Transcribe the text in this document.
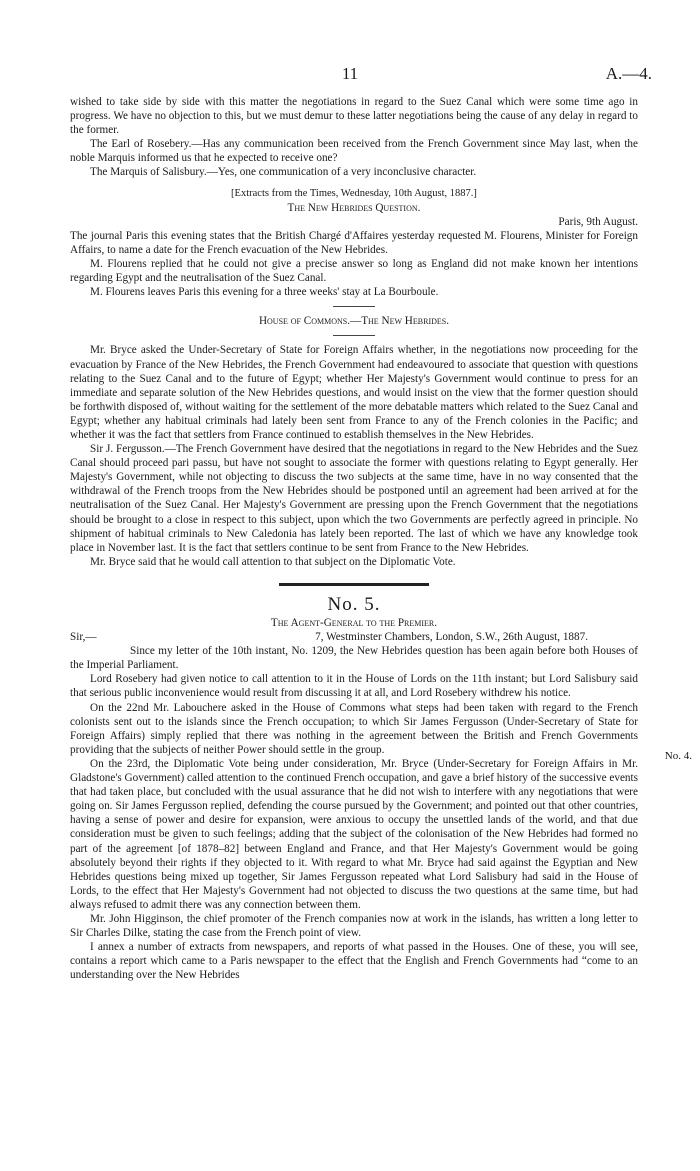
11	A.—4.

wished to take side by side with this matter the negotiations in regard to the Suez Canal which were some time ago in progress. We have no objection to this, but we must demur to these latter negotiations being the cause of any delay in regard to the former.

The Earl of Rosebery.—Has any communication been received from the French Government since May last, when the noble Marquis informed us that he expected to receive one?

The Marquis of Salisbury.—Yes, one communication of a very inconclusive character.

[Extracts from the Times, Wednesday, 10th August, 1887.]

The New Hebrides Question.

Paris, 9th August.

The journal Paris this evening states that the British Chargé d'Affaires yesterday requested M. Flourens, Minister for Foreign Affairs, to name a date for the French evacuation of the New Hebrides.

M. Flourens replied that he could not give a precise answer so long as England did not make known her intentions regarding Egypt and the neutralisation of the Suez Canal.

M. Flourens leaves Paris this evening for a three weeks' stay at La Bourboule.

House of Commons.—The New Hebrides.

Mr. Bryce asked the Under-Secretary of State for Foreign Affairs whether, in the negotiations now proceeding for the evacuation by France of the New Hebrides, the French Government had endeavoured to associate that question with questions relating to the Suez Canal and to the future of Egypt; whether Her Majesty's Government would continue to press for an immediate and separate solution of the New Hebrides questions, and would insist on the view that the former question should be forthwith disposed of, without waiting for the settlement of the more debatable matters which related to the Suez Canal and Egypt; whether any habitual criminals had lately been sent from France to any of the French colonies in the Pacific; and whether it was the fact that settlers from France continued to establish themselves in the New Hebrides.

Sir J. Fergusson.—The French Government have desired that the negotiations in regard to the New Hebrides and the Suez Canal should proceed pari passu, but have not sought to associate the former with questions relating to Egypt generally. Her Majesty's Government, while not objecting to discuss the two subjects at the same time, have in no way consented that the withdrawal of the French troops from the New Hebrides should be postponed until an agreement had been arrived at for the neutralisation of the Suez Canal. Her Majesty's Government are pressing upon the French Government that the negotiations should be brought to a close in respect to this subject, upon which the two Governments are perfectly agreed in principle. No shipment of habitual criminals to New Caledonia has lately been reported. The last of which we have any knowledge took place in November last. It is the fact that settlers continue to be sent from France to the New Hebrides.

Mr. Bryce said that he would call attention to that subject on the Diplomatic Vote.

No. 5.

The Agent-General to the Premier.

Sir,—	7, Westminster Chambers, London, S.W., 26th August, 1887.

Since my letter of the 10th instant, No. 1209, the New Hebrides question has been again before both Houses of the Imperial Parliament.

Lord Rosebery had given notice to call attention to it in the House of Lords on the 11th instant; but Lord Salisbury said that serious public inconvenience would result from discussing it at all, and Lord Rosebery withdrew his notice.

On the 22nd Mr. Labouchere asked in the House of Commons what steps had been taken with regard to the French colonists sent out to the islands since the French occupation; to which Sir James Fergusson (Under-Secretary of State for Foreign Affairs) simply replied that there was nothing in the agreement between the British and French Governments providing that the subjects of neither Power should settle in the group.

On the 23rd, the Diplomatic Vote being under consideration, Mr. Bryce (Under-Secretary for Foreign Affairs in Mr. Gladstone's Government) called attention to the continued French occupation, and gave a brief history of the successive events that had taken place, but concluded with the usual assurance that he did not wish to interfere with any negotiations that were going on. Sir James Fergusson replied, defending the course pursued by the Government; and pointed out that other countries, having a sense of power and desire for expansion, were anxious to occupy the unsettled lands of the world, and that due consideration must be given to such feelings; adding that the subject of the colonisation of the New Hebrides had formed no part of the agreement [of 1878–82] between England and France, and that Her Majesty's Government would be going absolutely beyond their rights if they objected to it. With regard to what Mr. Bryce had said against the Egyptian and New Hebrides questions being mixed up together, Sir James Fergusson repeated what Lord Salisbury had said in the House of Lords, to the effect that Her Majesty's Government had not objected to discuss the two questions at the same time, but had always refused to admit there was any connection between them.

Mr. John Higginson, the chief promoter of the French companies now at work in the islands, has written a long letter to Sir Charles Dilke, stating the case from the French point of view.

I annex a number of extracts from newspapers, and reports of what passed in the Houses. One of these, you will see, contains a report which came to a Paris newspaper to the effect that the English and French Governments had “come to an understanding over the New Hebrides

No. 4.
